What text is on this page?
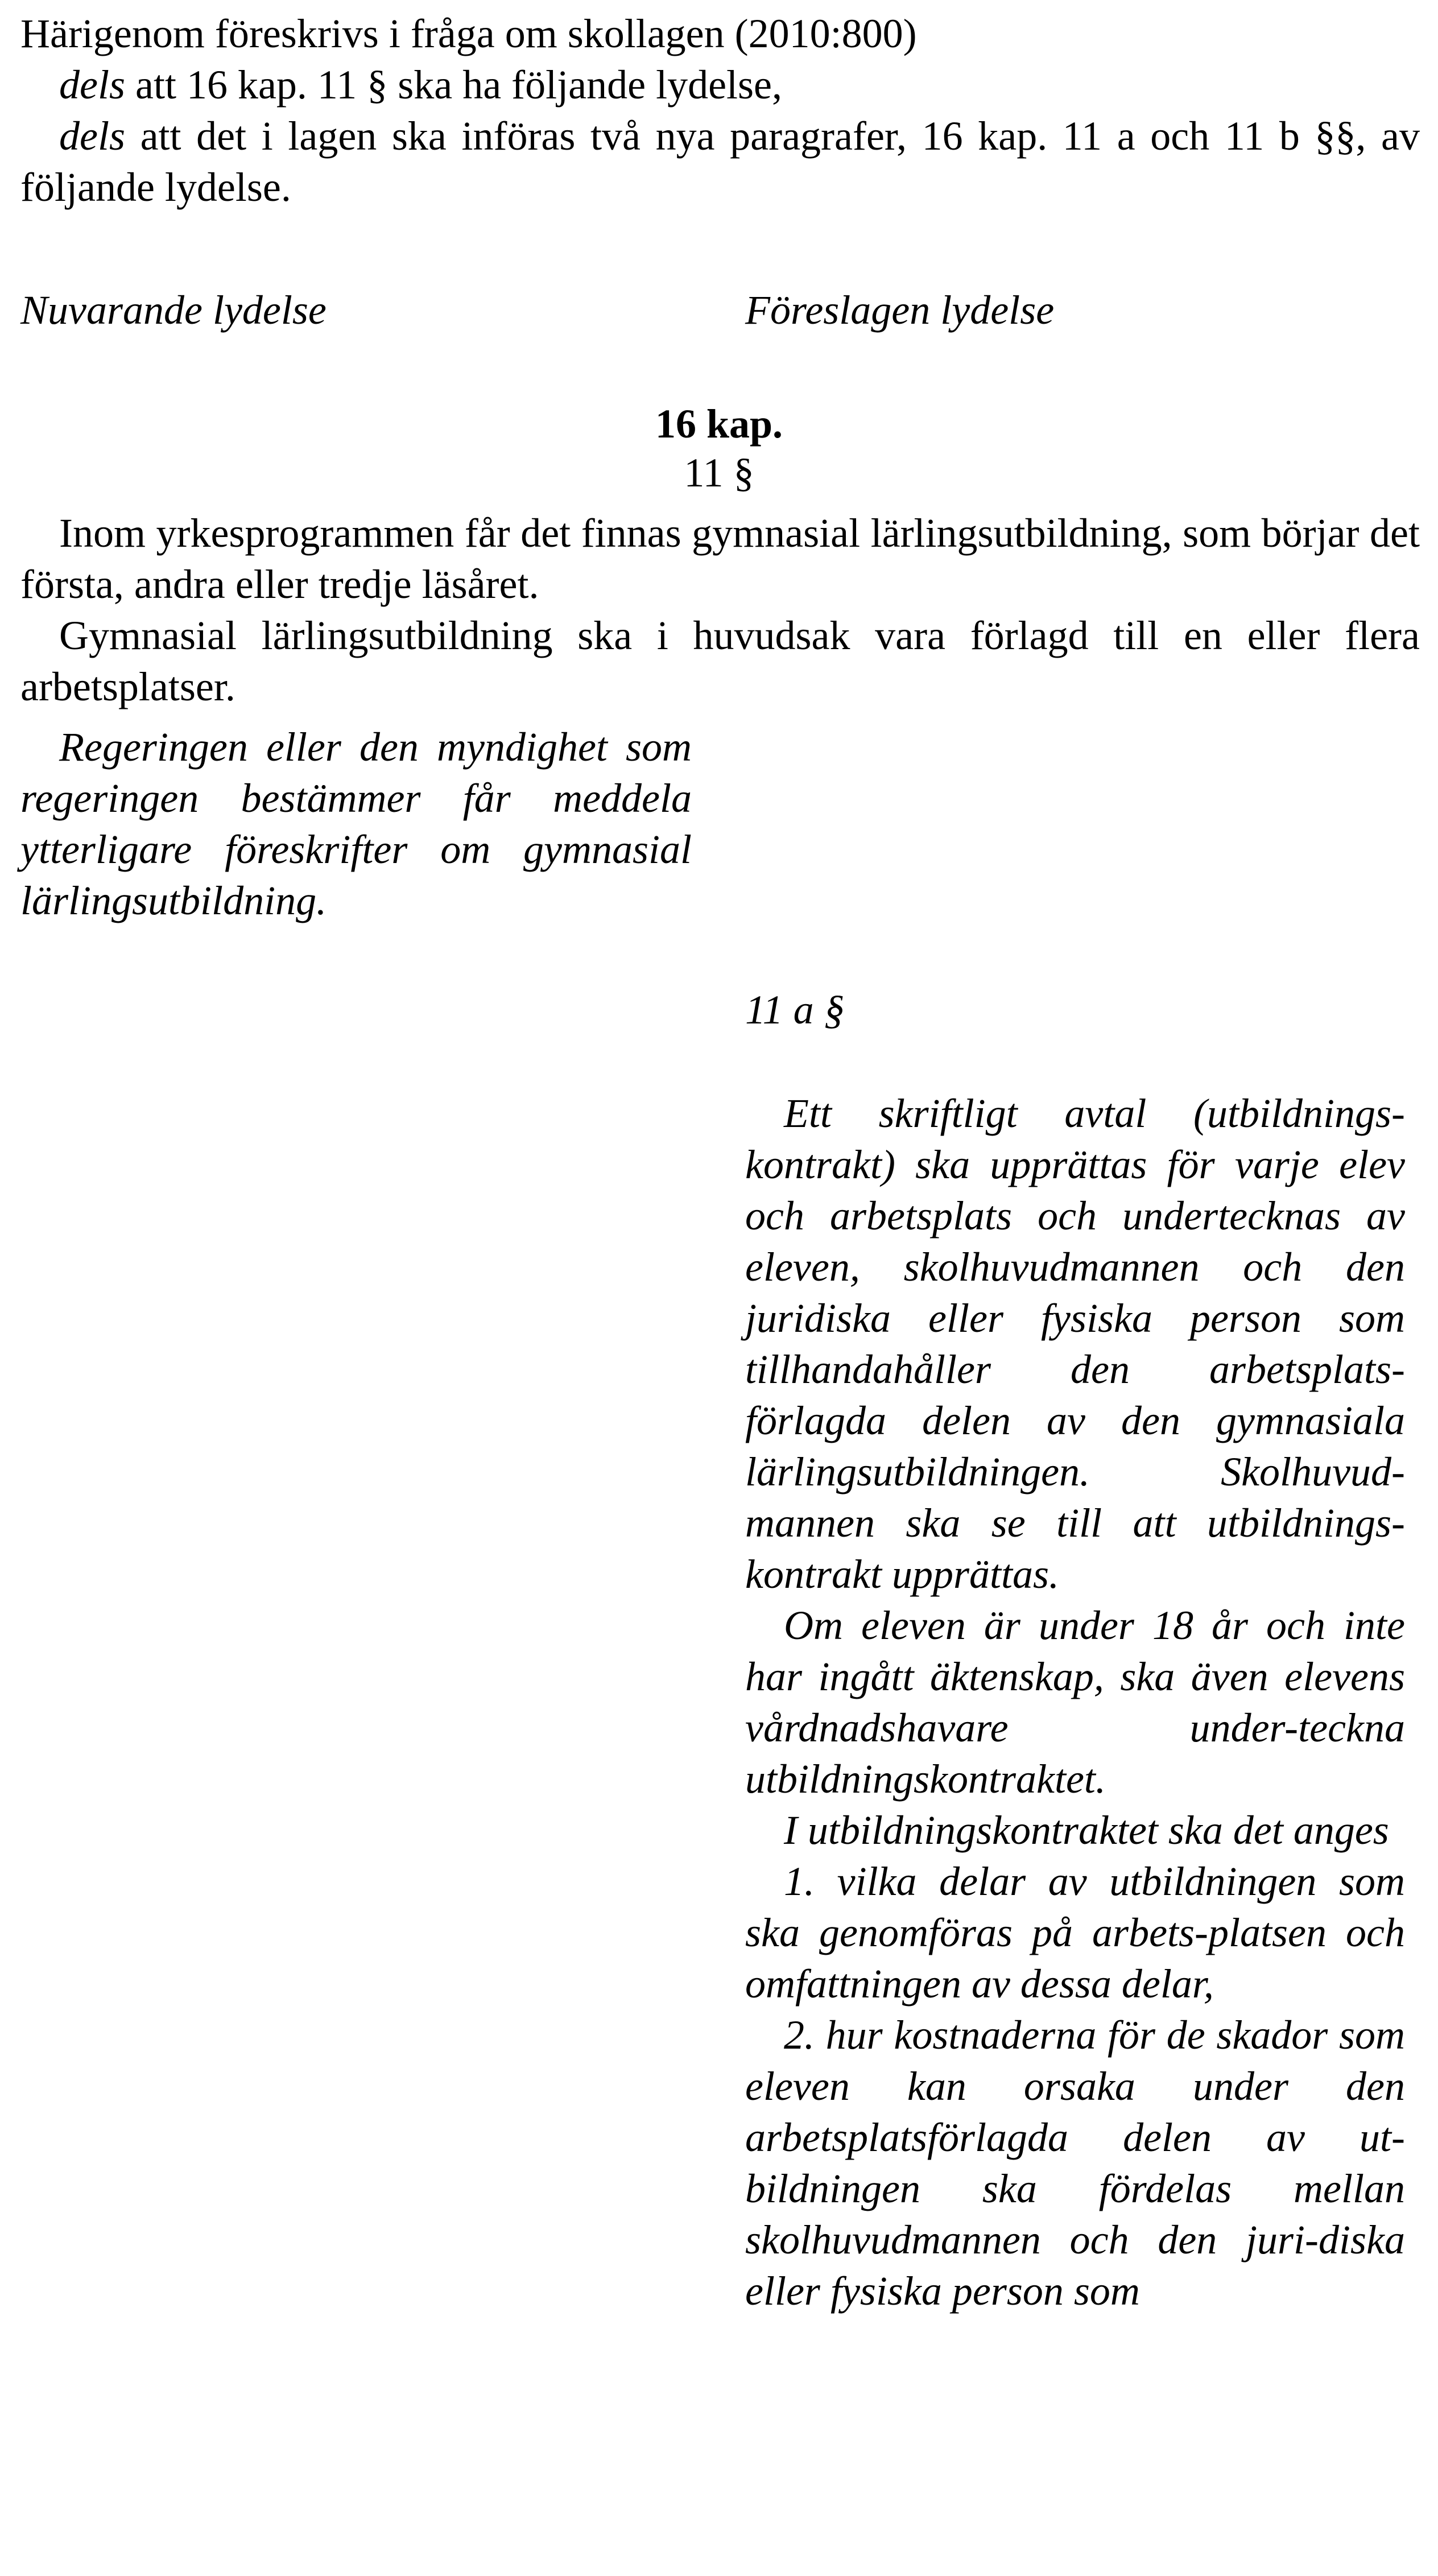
Härigenom föreskrivs i fråga om skollagen (2010:800)

dels att 16 kap. 11 § ska ha följande lydelse,

dels att det i lagen ska införas två nya paragrafer, 16 kap. 11 a och 11 b §§, av följande lydelse.

Nuvarande lydelse	Föreslagen lydelse
16 kap.
11 §

Inom yrkesprogrammen får det finnas gymnasial lärlingsutbildning, som börjar det första, andra eller tredje läsåret.

Gymnasial lärlingsutbildning ska i huvudsak vara förlagd till en eller flera arbetsplatser.

Regeringen eller den myndighet som regeringen bestämmer får meddela ytterligare föreskrifter om gymnasial lärlingsutbildning.

11 a §

Ett skriftligt avtal (utbildnings-kontrakt) ska upprättas för varje elev och arbetsplats och undertecknas av eleven, skolhuvudmannen och den juridiska eller fysiska person som tillhandahåller den arbetsplats-förlagda delen av den gymnasiala lärlingsutbildningen. Skolhuvud-mannen ska se till att utbildnings-kontrakt upprättas.

Om eleven är under 18 år och inte har ingått äktenskap, ska även elevens vårdnadshavare under-teckna utbildningskontraktet.

I utbildningskontraktet ska det anges

1. vilka delar av utbildningen som ska genomföras på arbets-platsen och omfattningen av dessa delar,

2. hur kostnaderna för de skador som eleven kan orsaka under den arbetsplatsförlagda delen av ut-bildningen ska fördelas mellan skolhuvudmannen och den juri-diska eller fysiska person som
